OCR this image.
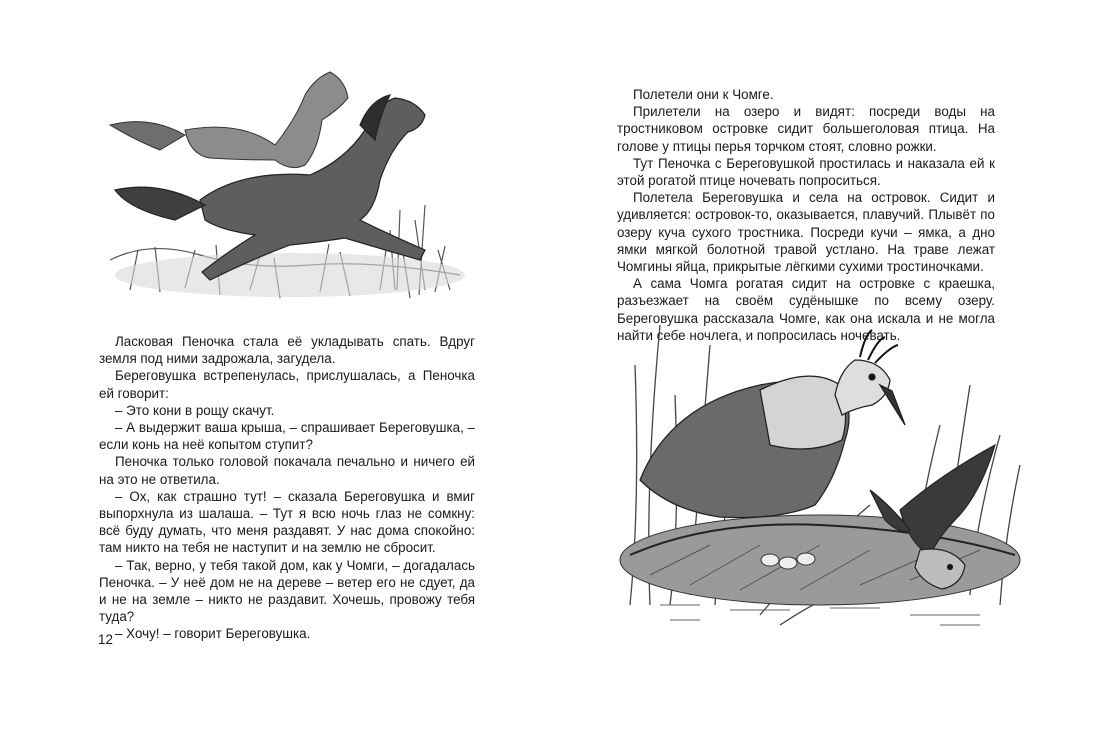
Ласковая Пеночка стала её укладывать спать. Вдруг земля под ними задрожала, загудела.

Береговушка встрепенулась, прислушалась, а Пеночка ей говорит:

– Это кони в рощу скачут.

– А выдержит ваша крыша, – спрашивает Береговушка, – если конь на неё копытом ступит?

Пеночка только головой покачала печально и ничего ей на это не ответила.

– Ох, как страшно тут! – сказала Береговушка и вмиг выпорхнула из шалаша. – Тут я всю ночь глаз не сомкну: всё буду думать, что меня раздавят. У нас дома спокойно: там никто на тебя не наступит и на землю не сбросит.

– Так, верно, у тебя такой дом, как у Чомги, – догадалась Пеночка. – У неё дом не на дереве – ветер его не сдует, да и не на земле – никто не раздавит. Хочешь, провожу тебя туда?

– Хочу! – говорит Береговушка.

12

Полетели они к Чомге.

Прилетели на озеро и видят: посреди воды на тростниковом островке сидит большеголовая птица. На голове у птицы перья торчком стоят, словно рожки.

Тут Пеночка с Береговушкой простилась и наказала ей к этой рогатой птице ночевать попроситься.

Полетела Береговушка и села на островок. Сидит и удивляется: островок-то, оказывается, плавучий. Плывёт по озеру куча сухого тростника. Посреди кучи – ямка, а дно ямки мягкой болотной травой устлано. На траве лежат Чомгины яйца, прикрытые лёгкими сухими тростиночками.

А сама Чомга рогатая сидит на островке с краешка, разъезжает на своём судёнышке по всему озеру. Береговушка рассказала Чомге, как она искала и не могла найти себе ночлега, и попросилась ночевать.
